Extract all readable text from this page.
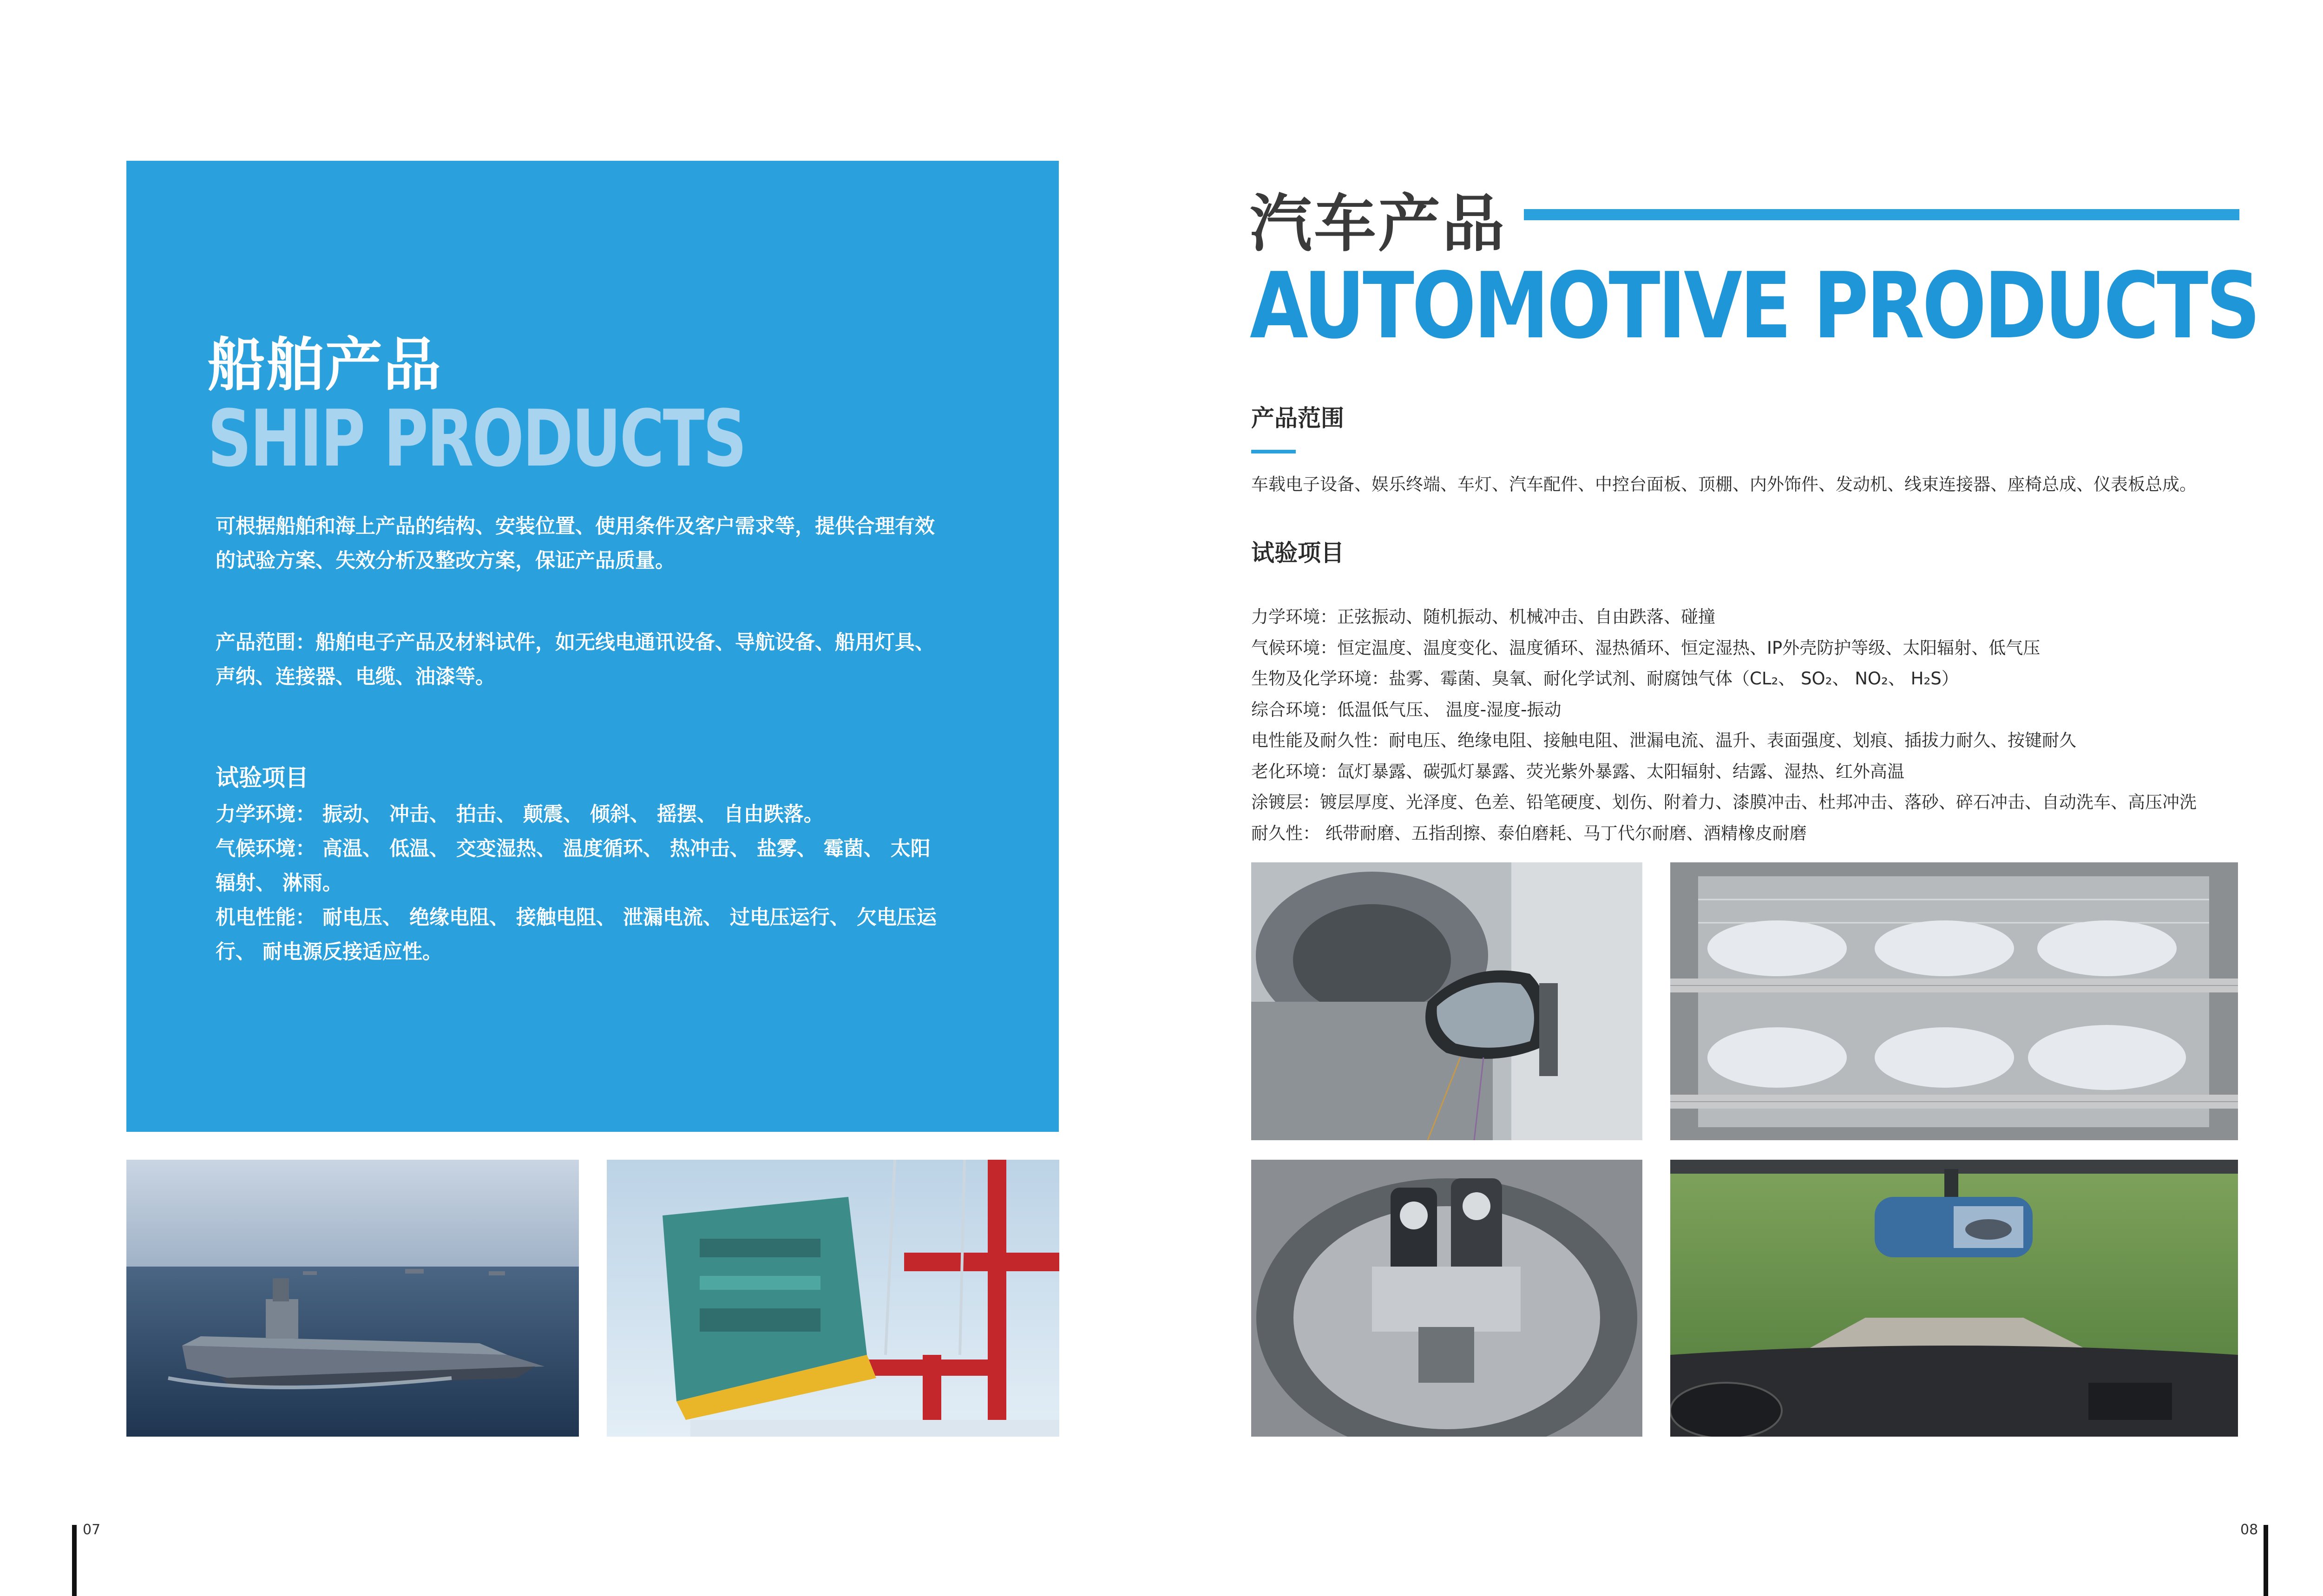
船舶产品
SHIP PRODUCTS

可根据船舶和海上产品的结构、安装位置、使用条件及客户需求等，提供合理有效的试验方案、失效分析及整改方案，保证产品质量。

产品范围：船舶电子产品及材料试件，如无线电通讯设备、导航设备、船用灯具、声纳、连接器、电缆、油漆等。

试验项目
力学环境： 振动、 冲击、 拍击、 颠震、 倾斜、 摇摆、 自由跌落。
气候环境： 高温、 低温、 交变湿热、 温度循环、 热冲击、 盐雾、 霉菌、 太阳辐射、 淋雨。
机电性能： 耐电压、 绝缘电阻、 接触电阻、 泄漏电流、 过电压运行、 欠电压运行、 耐电源反接适应性。
汽车产品
AUTOMOTIVE PRODUCTS
产品范围

车载电子设备、娱乐终端、车灯、汽车配件、中控台面板、顶棚、内外饰件、发动机、线束连接器、座椅总成、仪表板总成。

试验项目
力学环境：正弦振动、随机振动、机械冲击、自由跌落、碰撞
气候环境：恒定温度、温度变化、温度循环、湿热循环、恒定湿热、IP外壳防护等级、太阳辐射、低气压
生物及化学环境：盐雾、霉菌、臭氧、耐化学试剂、耐腐蚀气体（CL₂、 SO₂、 NO₂、 H₂S）
综合环境：低温低气压、 温度-湿度-振动
电性能及耐久性：耐电压、绝缘电阻、接触电阻、泄漏电流、温升、表面强度、划痕、插拔力耐久、按键耐久
老化环境：氙灯暴露、碳弧灯暴露、荧光紫外暴露、太阳辐射、结露、湿热、红外高温
涂镀层：镀层厚度、光泽度、色差、铅笔硬度、划伤、附着力、漆膜冲击、杜邦冲击、落砂、碎石冲击、自动洗车、高压冲洗
耐久性： 纸带耐磨、五指刮擦、泰伯磨耗、马丁代尔耐磨、酒精橡皮耐磨

07	08
